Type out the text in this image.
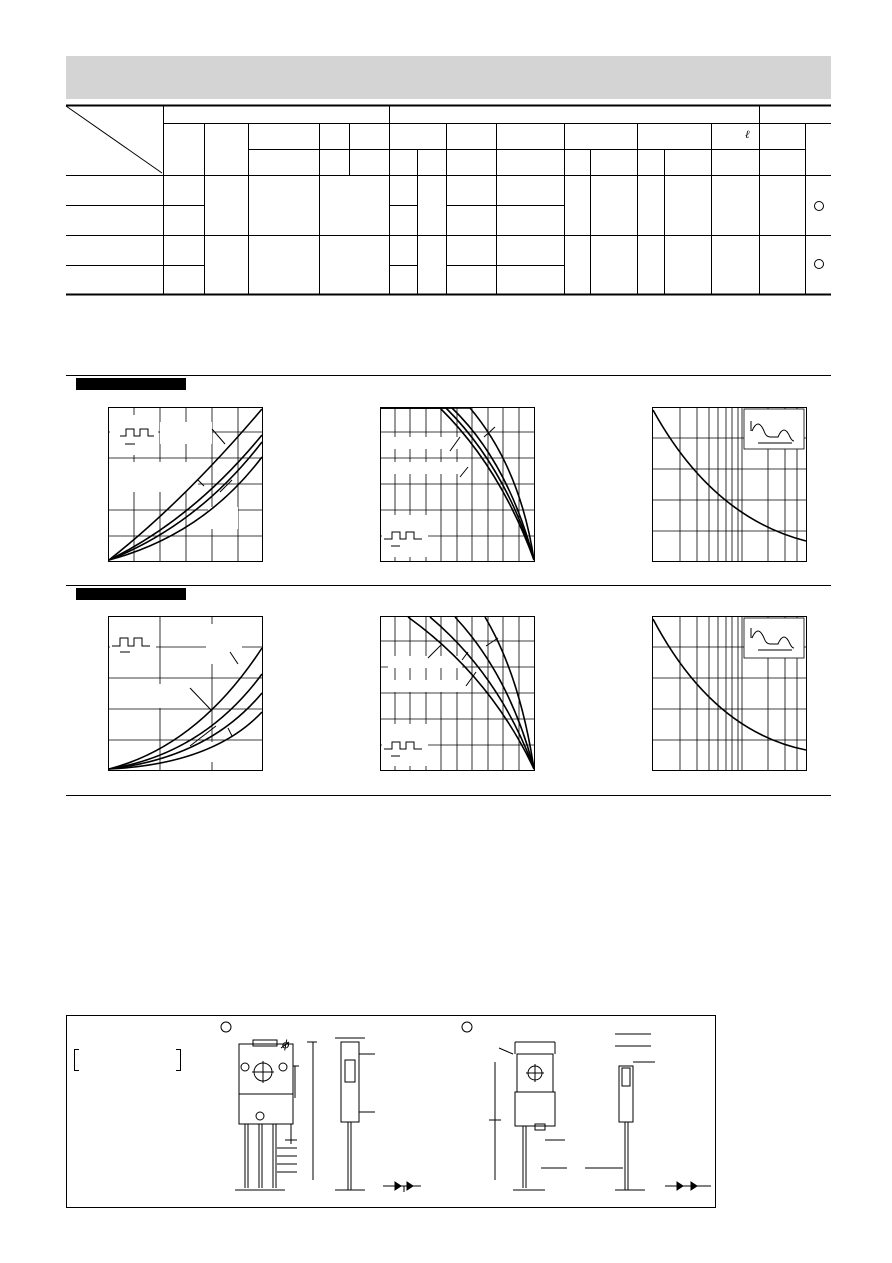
ℓ
ϕ
